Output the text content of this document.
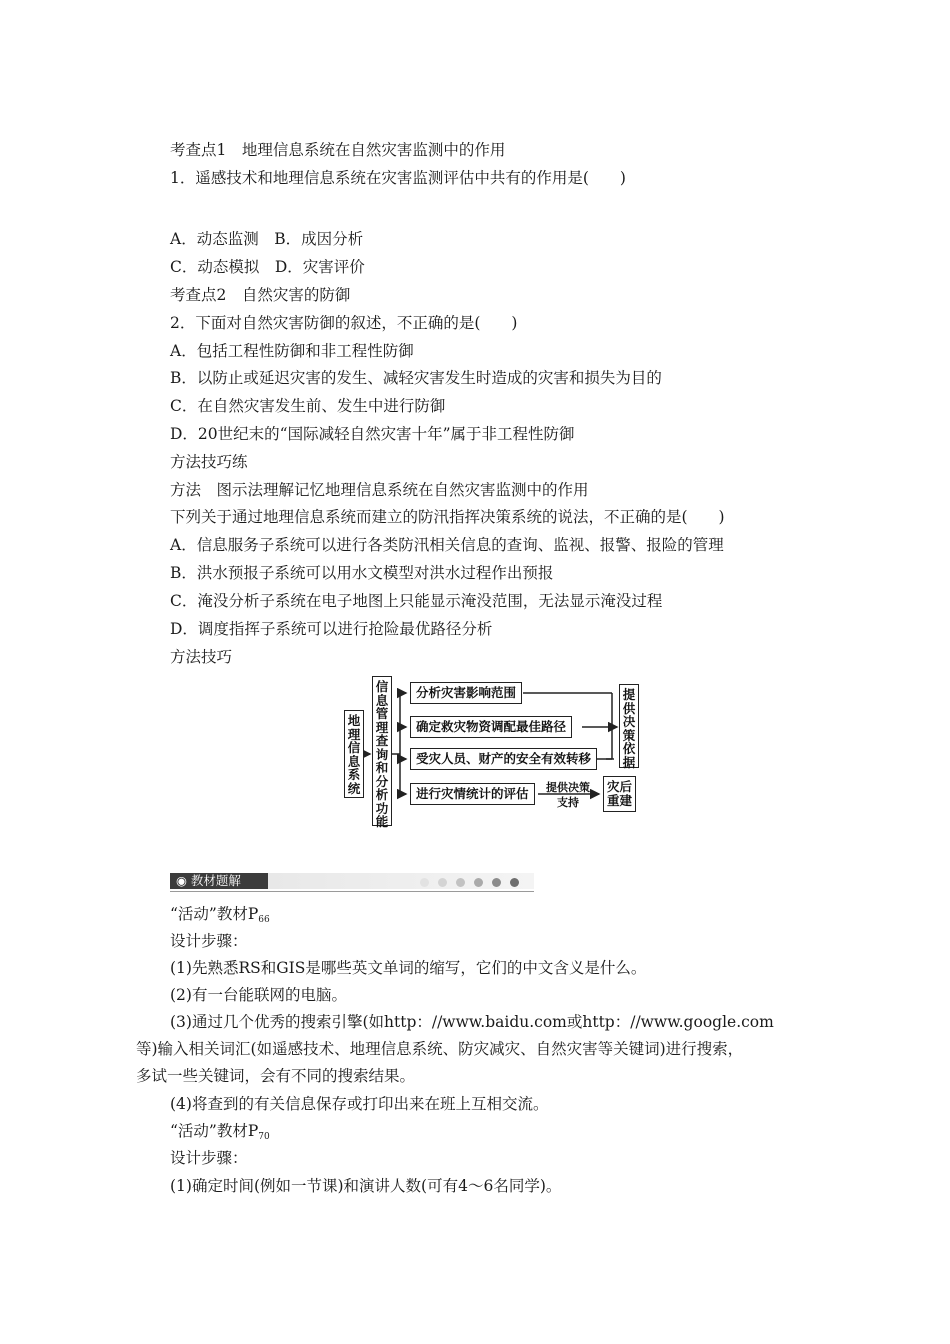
考查点1　地理信息系统在自然灾害监测中的作用
1．遥感技术和地理信息系统在灾害监测评估中共有的作用是(　　)
A．动态监测　B．成因分析
C．动态模拟　D．灾害评价
考查点2　自然灾害的防御
2．下面对自然灾害防御的叙述，不正确的是(　　)
A．包括工程性防御和非工程性防御
B．以防止或延迟灾害的发生、减轻灾害发生时造成的灾害和损失为目的
C．在自然灾害发生前、发生中进行防御
D．20世纪末的“国际减轻自然灾害十年”属于非工程性防御
方法技巧练
方法　图示法理解记忆地理信息系统在自然灾害监测中的作用
下列关于通过地理信息系统而建立的防汛指挥决策系统的说法，不正确的是(　　)
A．信息服务子系统可以进行各类防汛相关信息的查询、监视、报警、报险的管理
B．洪水预报子系统可以用水文模型对洪水过程作出预报
C．淹没分析子系统在电子地图上只能显示淹没范围，无法显示淹没过程
D．调度指挥子系统可以进行抢险最优路径分析
方法技巧
地理信息系统
信息管理查询和分析功能
分析灾害影响范围
确定救灾物资调配最佳路径
受灾人员、财产的安全有效转移
进行灾情统计的评估	提供决策支持
提供决策依据
灾后重建
◉ 教材题解
“活动”教材$P_{66}$
设计步骤：
(1)先熟悉RS和GIS是哪些英文单词的缩写，它们的中文含义是什么。
(2)有一台能联网的电脑。
(3)通过几个优秀的搜索引擎(如http：//www.baidu.com或http：//www.google.com
等)输入相关词汇(如遥感技术、地理信息系统、防灾减灾、自然灾害等关键词)进行搜索，
多试一些关键词，会有不同的搜索结果。
(4)将查到的有关信息保存或打印出来在班上互相交流。
“活动”教材$P_{70}$
设计步骤：
(1)确定时间(例如一节课)和演讲人数(可有4～6名同学)。
